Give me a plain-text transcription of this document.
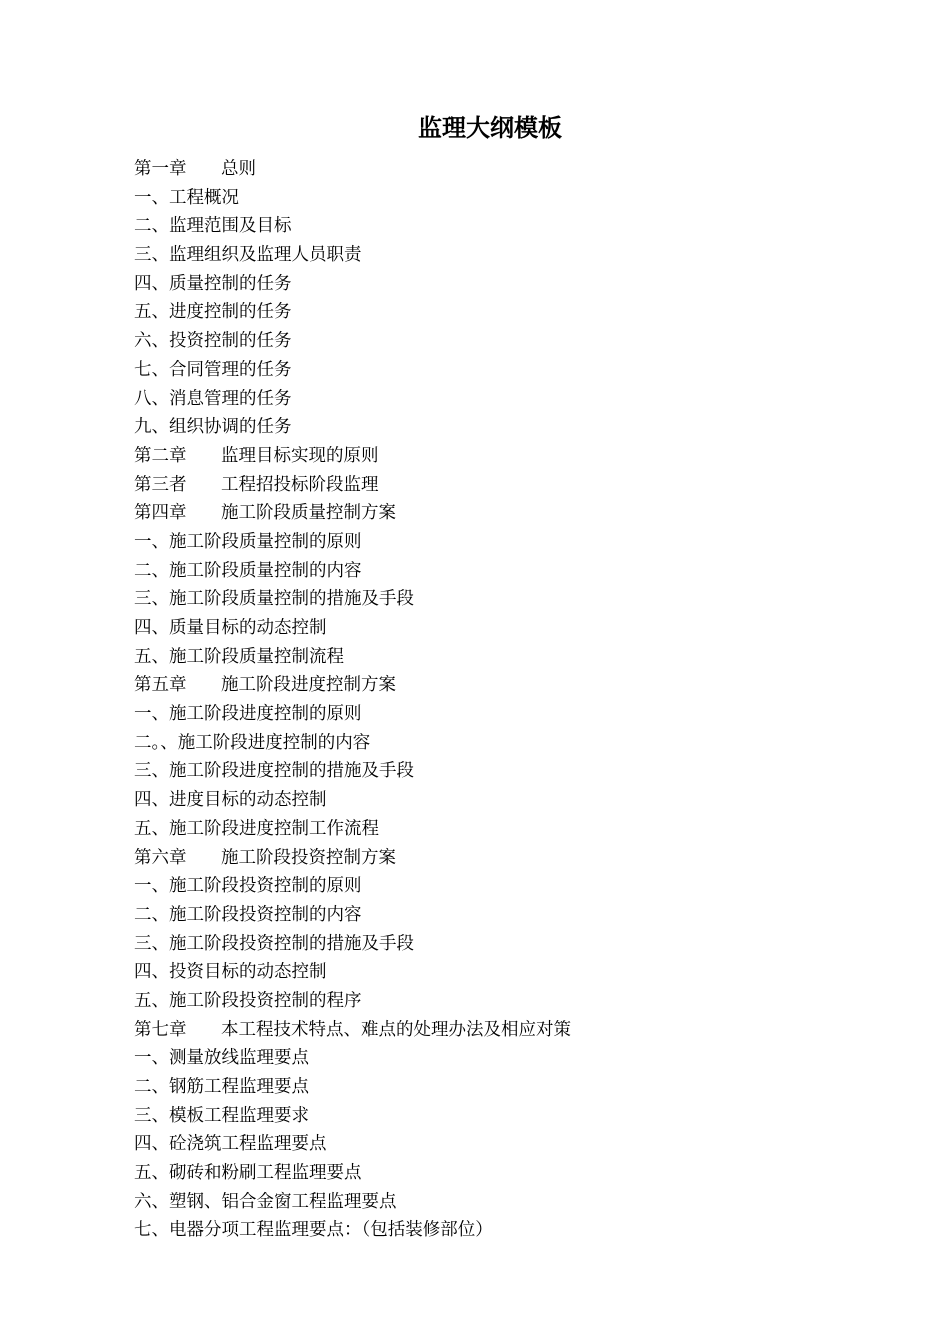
监理大纲模板
第一章 总则
一、工程概况
二、监理范围及目标
三、监理组织及监理人员职责
四、质量控制的任务
五、进度控制的任务
六、投资控制的任务
七、合同管理的任务
八、消息管理的任务
九、组织协调的任务
第二章 监理目标实现的原则
第三者 工程招投标阶段监理
第四章 施工阶段质量控制方案
一、施工阶段质量控制的原则
二、施工阶段质量控制的内容
三、施工阶段质量控制的措施及手段
四、质量目标的动态控制
五、施工阶段质量控制流程
第五章 施工阶段进度控制方案
一、施工阶段进度控制的原则
二。、施工阶段进度控制的内容
三、施工阶段进度控制的措施及手段
四、进度目标的动态控制
五、施工阶段进度控制工作流程
第六章 施工阶段投资控制方案
一、施工阶段投资控制的原则
二、施工阶段投资控制的内容
三、施工阶段投资控制的措施及手段
四、投资目标的动态控制
五、施工阶段投资控制的程序
第七章 本工程技术特点、难点的处理办法及相应对策
一、测量放线监理要点
二、钢筋工程监理要点
三、模板工程监理要求
四、砼浇筑工程监理要点
五、砌砖和粉刷工程监理要点
六、塑钢、铝合金窗工程监理要点
七、电器分项工程监理要点：（包括装修部位）
